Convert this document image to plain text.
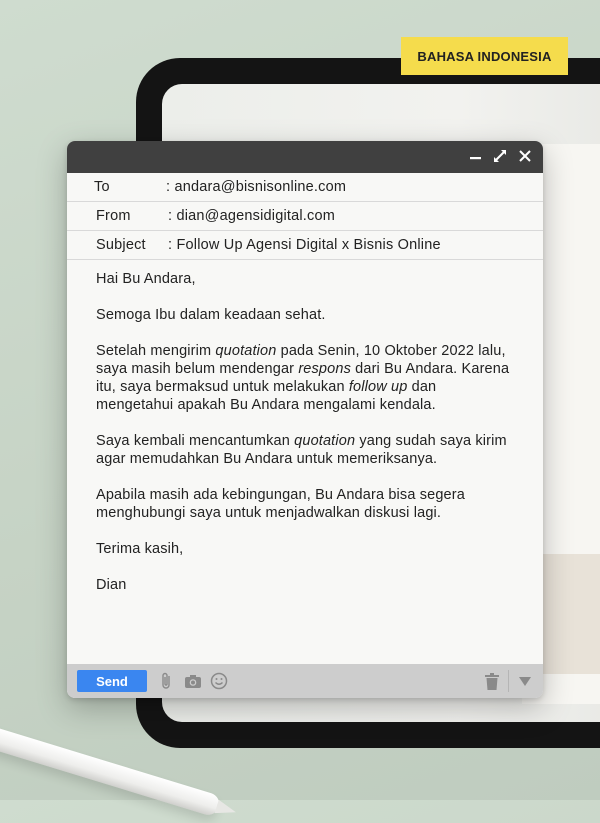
BAHASA INDONESIA
To	: andara@bisnisonline.com
From	: dian@agensidigital.com
Subject	: Follow Up Agensi Digital x Bisnis Online

Hai Bu Andara,

Semoga Ibu dalam keadaan sehat.

Setelah mengirim quotation pada Senin, 10 Oktober 2022 lalu, saya masih belum mendengar respons dari Bu Andara. Karena itu, saya bermaksud untuk melakukan follow up dan mengetahui apakah Bu Andara mengalami kendala.

Saya kembali mencantumkan quotation yang sudah saya kirim agar memudahkan Bu Andara untuk memeriksanya.

Apabila masih ada kebingungan, Bu Andara bisa segera menghubungi saya untuk menjadwalkan diskusi lagi.

Terima kasih,

Dian

Send
